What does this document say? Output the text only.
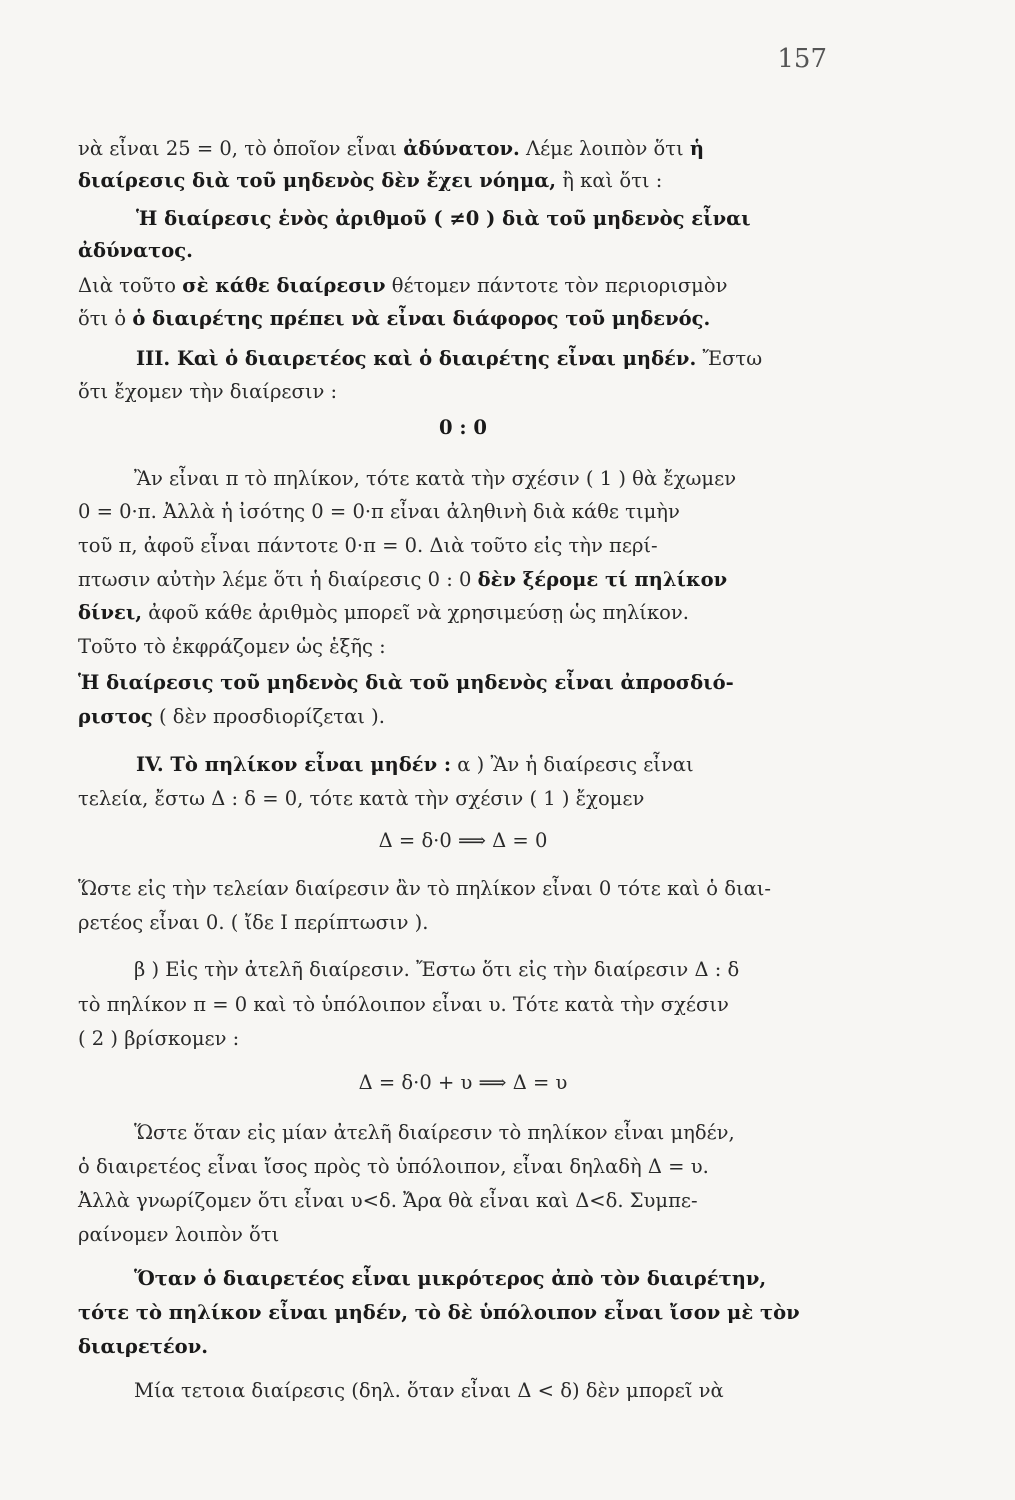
157
νὰ εἶναι 25 = 0, τὸ ὁποῖον εἶναι ἀδύνατον. Λέμε λοιπὸν ὅτι ἡ
διαίρεσις διὰ τοῦ μηδενὸς δὲν ἔχει νόημα, ἢ καὶ ὅτι :
Ἡ διαίρεσις ἑνὸς ἀριθμοῦ ( ≠0 ) διὰ τοῦ μηδενὸς εἶναι
ἀδύνατος.
Διὰ τοῦτο σὲ κάθε διαίρεσιν θέτομεν πάντοτε τὸν περιορισμὸν
ὅτι ὁ ὁ διαιρέτης πρέπει νὰ εἶναι διάφορος τοῦ μηδενός.
ΙΙΙ. Καὶ ὁ διαιρετέος καὶ ὁ διαιρέτης εἶναι μηδέν. Ἔστω
ὅτι ἔχομεν τὴν διαίρεσιν :
0 : 0
Ἂν εἶναι π τὸ πηλίκον, τότε κατὰ τὴν σχέσιν ( 1 ) θὰ ἔχωμεν
0 = 0·π. Ἀλλὰ ἡ ἰσότης 0 = 0·π εἶναι ἀληθινὴ διὰ κάθε τιμὴν
τοῦ π, ἀφοῦ εἶναι πάντοτε 0·π = 0. Διὰ τοῦτο εἰς τὴν περί-
πτωσιν αὐτὴν λέμε ὅτι ἡ διαίρεσις 0 : 0 δὲν ξέρομε τί πηλίκον
δίνει, ἀφοῦ κάθε ἀριθμὸς μπορεῖ νὰ χρησιμεύσῃ ὡς πηλίκον.
Τοῦτο τὸ ἐκφράζομεν ὡς ἑξῆς :
Ἡ διαίρεσις τοῦ μηδενὸς διὰ τοῦ μηδενὸς εἶναι ἀπροσδιό-
ριστος ( δὲν προσδιορίζεται ).
ΙV. Τὸ πηλίκον εἶναι μηδέν : α ) Ἂν ἡ διαίρεσις εἶναι
τελεία, ἔστω Δ : δ = 0, τότε κατὰ τὴν σχέσιν ( 1 ) ἔχομεν
Δ = δ·0 ⟹ Δ = 0
Ὥστε εἰς τὴν τελείαν διαίρεσιν ἂν τὸ πηλίκον εἶναι 0 τότε καὶ ὁ διαι-
ρετέος εἶναι 0. ( ἴδε Ι περίπτωσιν ).
β ) Εἰς τὴν ἀτελῆ διαίρεσιν. Ἔστω ὅτι εἰς τὴν διαίρεσιν Δ : δ
τὸ πηλίκον π = 0 καὶ τὸ ὑπόλοιπον εἶναι υ. Τότε κατὰ τὴν σχέσιν
( 2 ) βρίσκομεν :
Δ = δ·0 + υ ⟹ Δ = υ
Ὥστε ὅταν εἰς μίαν ἀτελῆ διαίρεσιν τὸ πηλίκον εἶναι μηδέν,
ὁ διαιρετέος εἶναι ἴσος πρὸς τὸ ὑπόλοιπον, εἶναι δηλαδὴ Δ = υ.
Ἀλλὰ γνωρίζομεν ὅτι εἶναι υ<δ. Ἄρα θὰ εἶναι καὶ Δ<δ. Συμπε-
ραίνομεν λοιπὸν ὅτι
Ὅταν ὁ διαιρετέος εἶναι μικρότερος ἀπὸ τὸν διαιρέτην,
τότε τὸ πηλίκον εἶναι μηδέν, τὸ δὲ ὑπόλοιπον εἶναι ἴσον μὲ τὸν
διαιρετέον.
Μία τετοια διαίρεσις (δηλ. ὅταν εἶναι Δ < δ) δὲν μπορεῖ νὰ
